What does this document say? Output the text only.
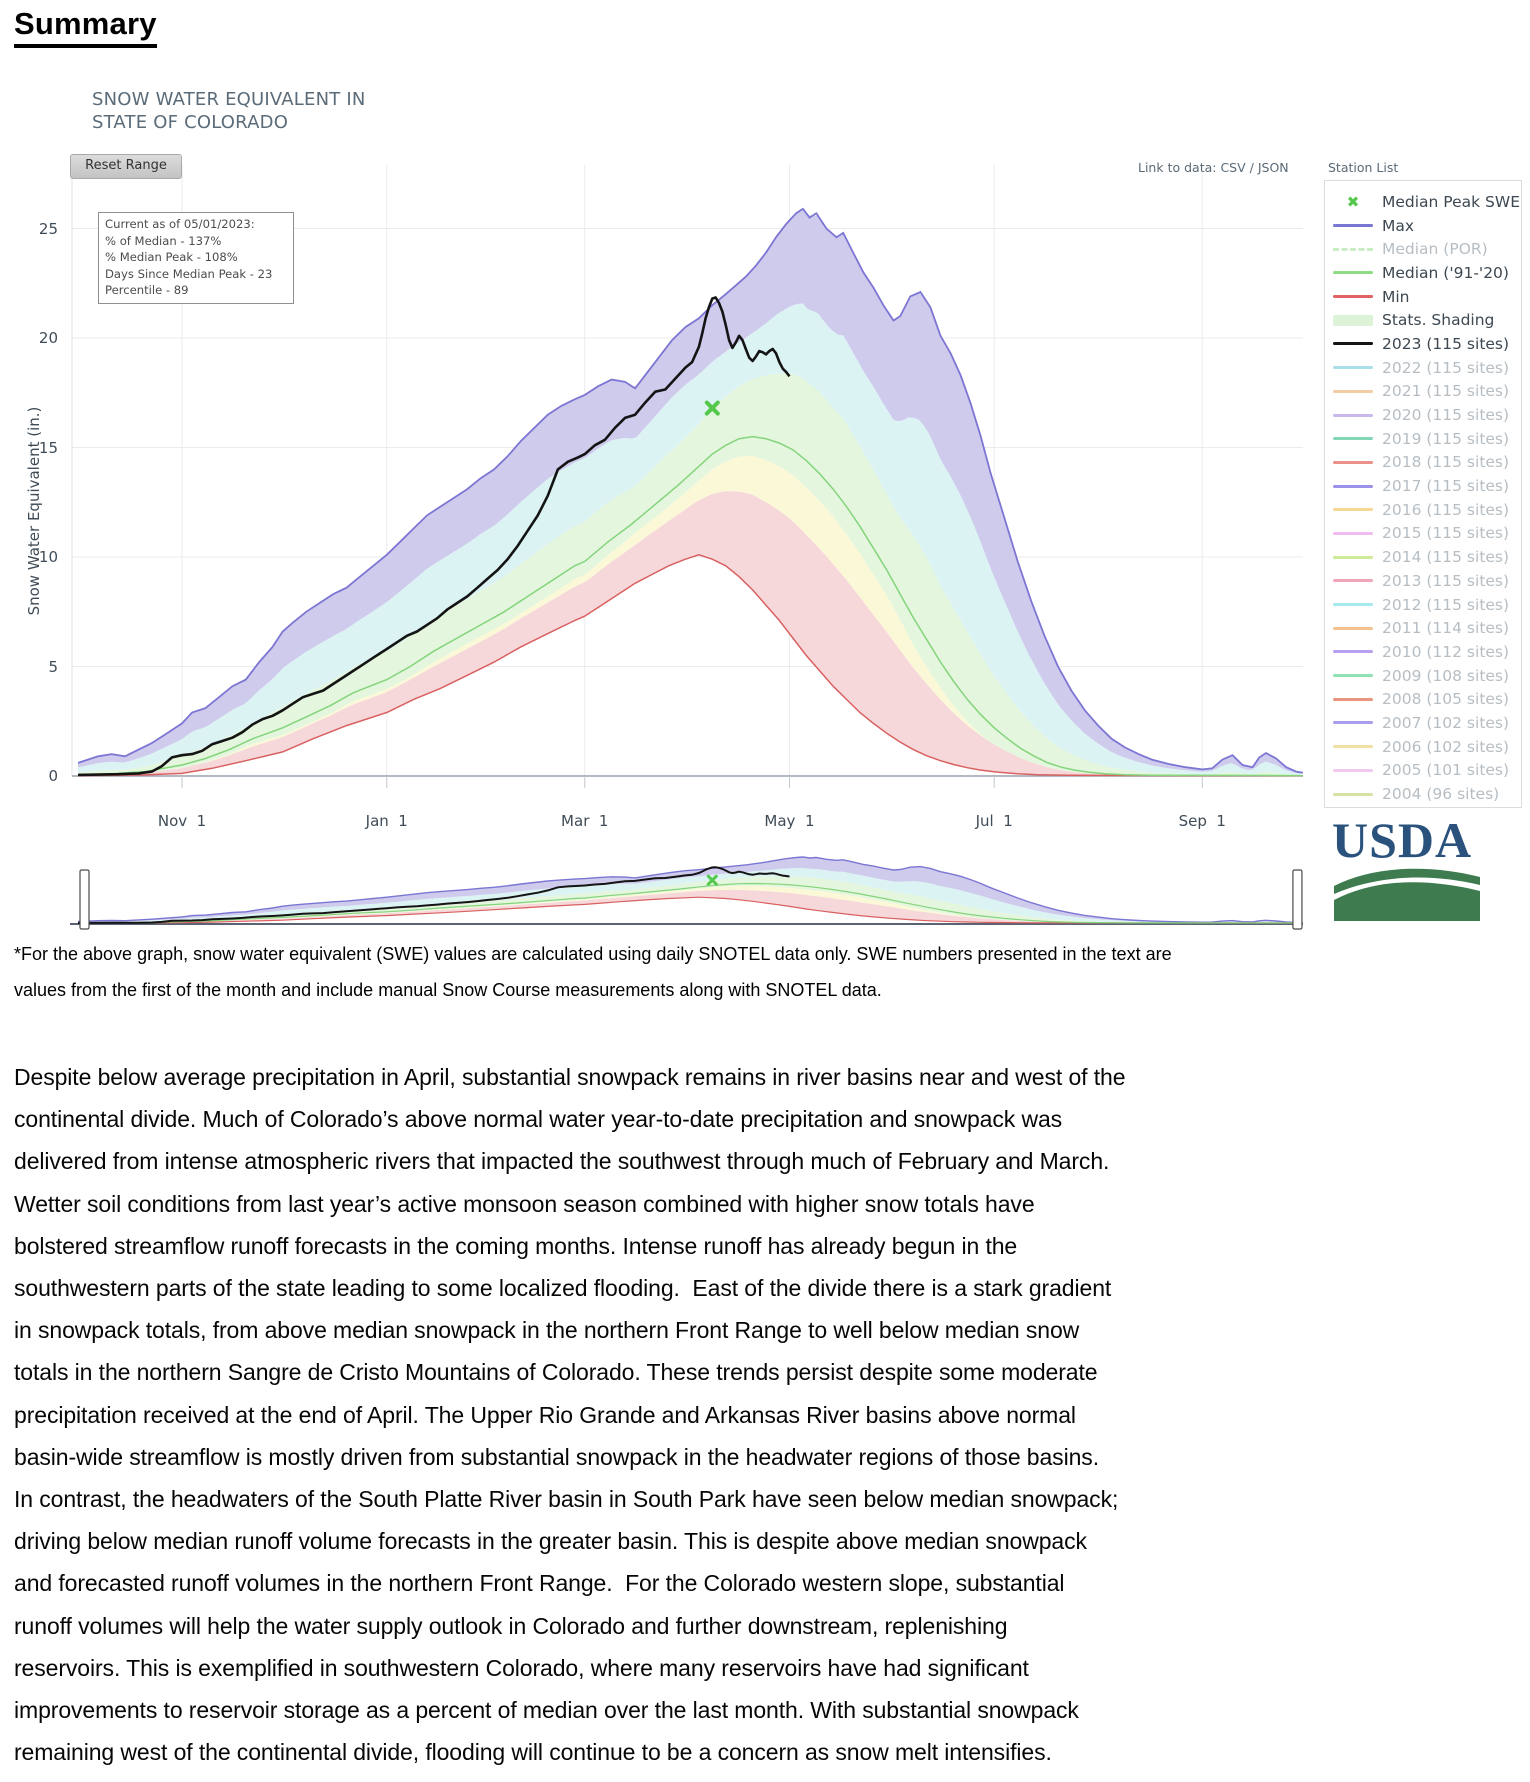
Summary
SNOW WATER EQUIVALENT IN
STATE OF COLORADO
Reset Range	Link to data: CSV / JSON	Station List
✖ Median Peak SWE
Max
Median (POR)
Median ('91-'20)
Min
Stats. Shading
2023 (115 sites)
2022 (115 sites)
2021 (115 sites)
2020 (115 sites)
2019 (115 sites)
2018 (115 sites)
2017 (115 sites)
2016 (115 sites)
2015 (115 sites)
2014 (115 sites)
2013 (115 sites)
2012 (115 sites)
2011 (114 sites)
2010 (112 sites)
2009 (108 sites)
2008 (105 sites)
2007 (102 sites)
2006 (102 sites)
2005 (101 sites)
2004 (96 sites)
Current as of 05/01/2023:
% of Median - 137%
% Median Peak - 108%
Days Since Median Peak - 23
Percentile - 89
Snow Water Equivalent (in.)
25
20
15
10
5
0
Nov  1	Jan  1	Mar  1	May  1	Jul  1	Sep  1 USDA
*For the above graph, snow water equivalent (SWE) values are calculated using daily SNOTEL data only. SWE numbers presented in the text are
values from the first of the month and include manual Snow Course measurements along with SNOTEL data.
Despite below average precipitation in April, substantial snowpack remains in river basins near and west of the
continental divide. Much of Colorado’s above normal water year-to-date precipitation and snowpack was
delivered from intense atmospheric rivers that impacted the southwest through much of February and March.
Wetter soil conditions from last year’s active monsoon season combined with higher snow totals have
bolstered streamflow runoff forecasts in the coming months. Intense runoff has already begun in the
southwestern parts of the state leading to some localized flooding.  East of the divide there is a stark gradient
in snowpack totals, from above median snowpack in the northern Front Range to well below median snow
totals in the northern Sangre de Cristo Mountains of Colorado. These trends persist despite some moderate
precipitation received at the end of April. The Upper Rio Grande and Arkansas River basins above normal
basin-wide streamflow is mostly driven from substantial snowpack in the headwater regions of those basins.
In contrast, the headwaters of the South Platte River basin in South Park have seen below median snowpack;
driving below median runoff volume forecasts in the greater basin. This is despite above median snowpack
and forecasted runoff volumes in the northern Front Range.  For the Colorado western slope, substantial
runoff volumes will help the water supply outlook in Colorado and further downstream, replenishing
reservoirs. This is exemplified in southwestern Colorado, where many reservoirs have had significant
improvements to reservoir storage as a percent of median over the last month. With substantial snowpack
remaining west of the continental divide, flooding will continue to be a concern as snow melt intensifies.
